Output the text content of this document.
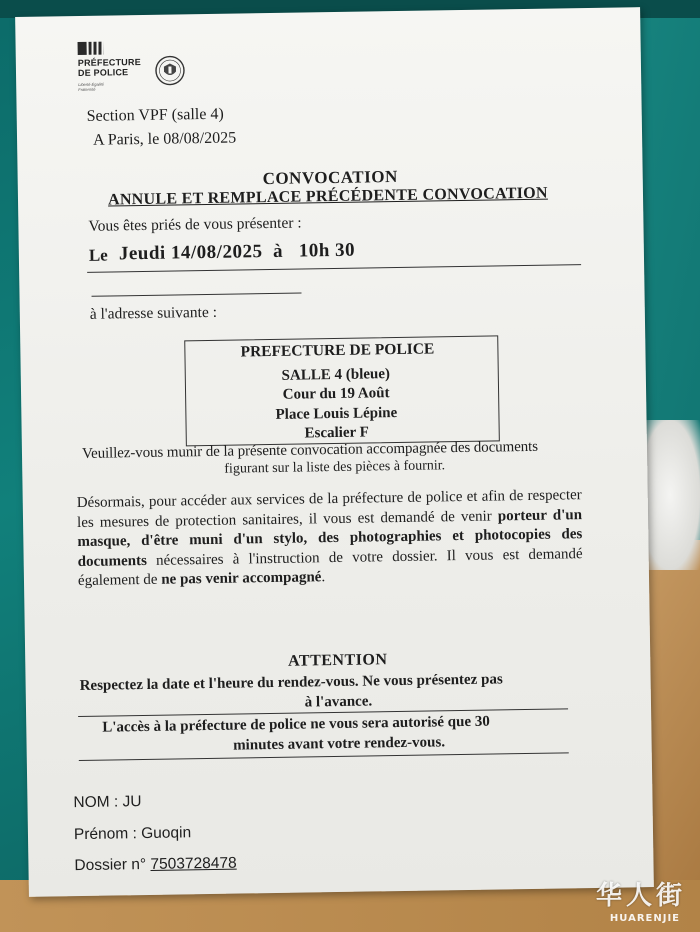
PRÉFECTURE
DE POLICE
Liberté Égalité Fraternité
Section VPF (salle 4)
A Paris, le 08/08/2025
CONVOCATION
ANNULE ET REMPLACE PRÉCÉDENTE CONVOCATION
Vous êtes priés de vous présenter :
Le Jeudi 14/08/2025  à   10h 30
à l'adresse suivante :
PREFECTURE DE POLICE
SALLE 4 (bleue)
Cour du 19 Août
Place Louis Lépine
Escalier F
Veuillez-vous munir de la présente convocation accompagnée des documents
figurant sur la liste des pièces à fournir.
Désormais, pour accéder aux services de la préfecture de police et afin de respecter les mesures de protection sanitaires, il vous est demandé de venir porteur d'un masque, d'être muni d'un stylo, des photographies et photocopies des documents nécessaires à l'instruction de votre dossier. Il vous est demandé également de ne pas venir accompagné.
ATTENTION
Respectez la date et l'heure du rendez-vous. Ne vous présentez pas
à l'avance.
L'accès à la préfecture de police ne vous sera autorisé que 30
minutes avant votre rendez-vous.
NOM : JU
Prénom : Guoqin
Dossier n° 7503728478
华人街
HUARENJIE
